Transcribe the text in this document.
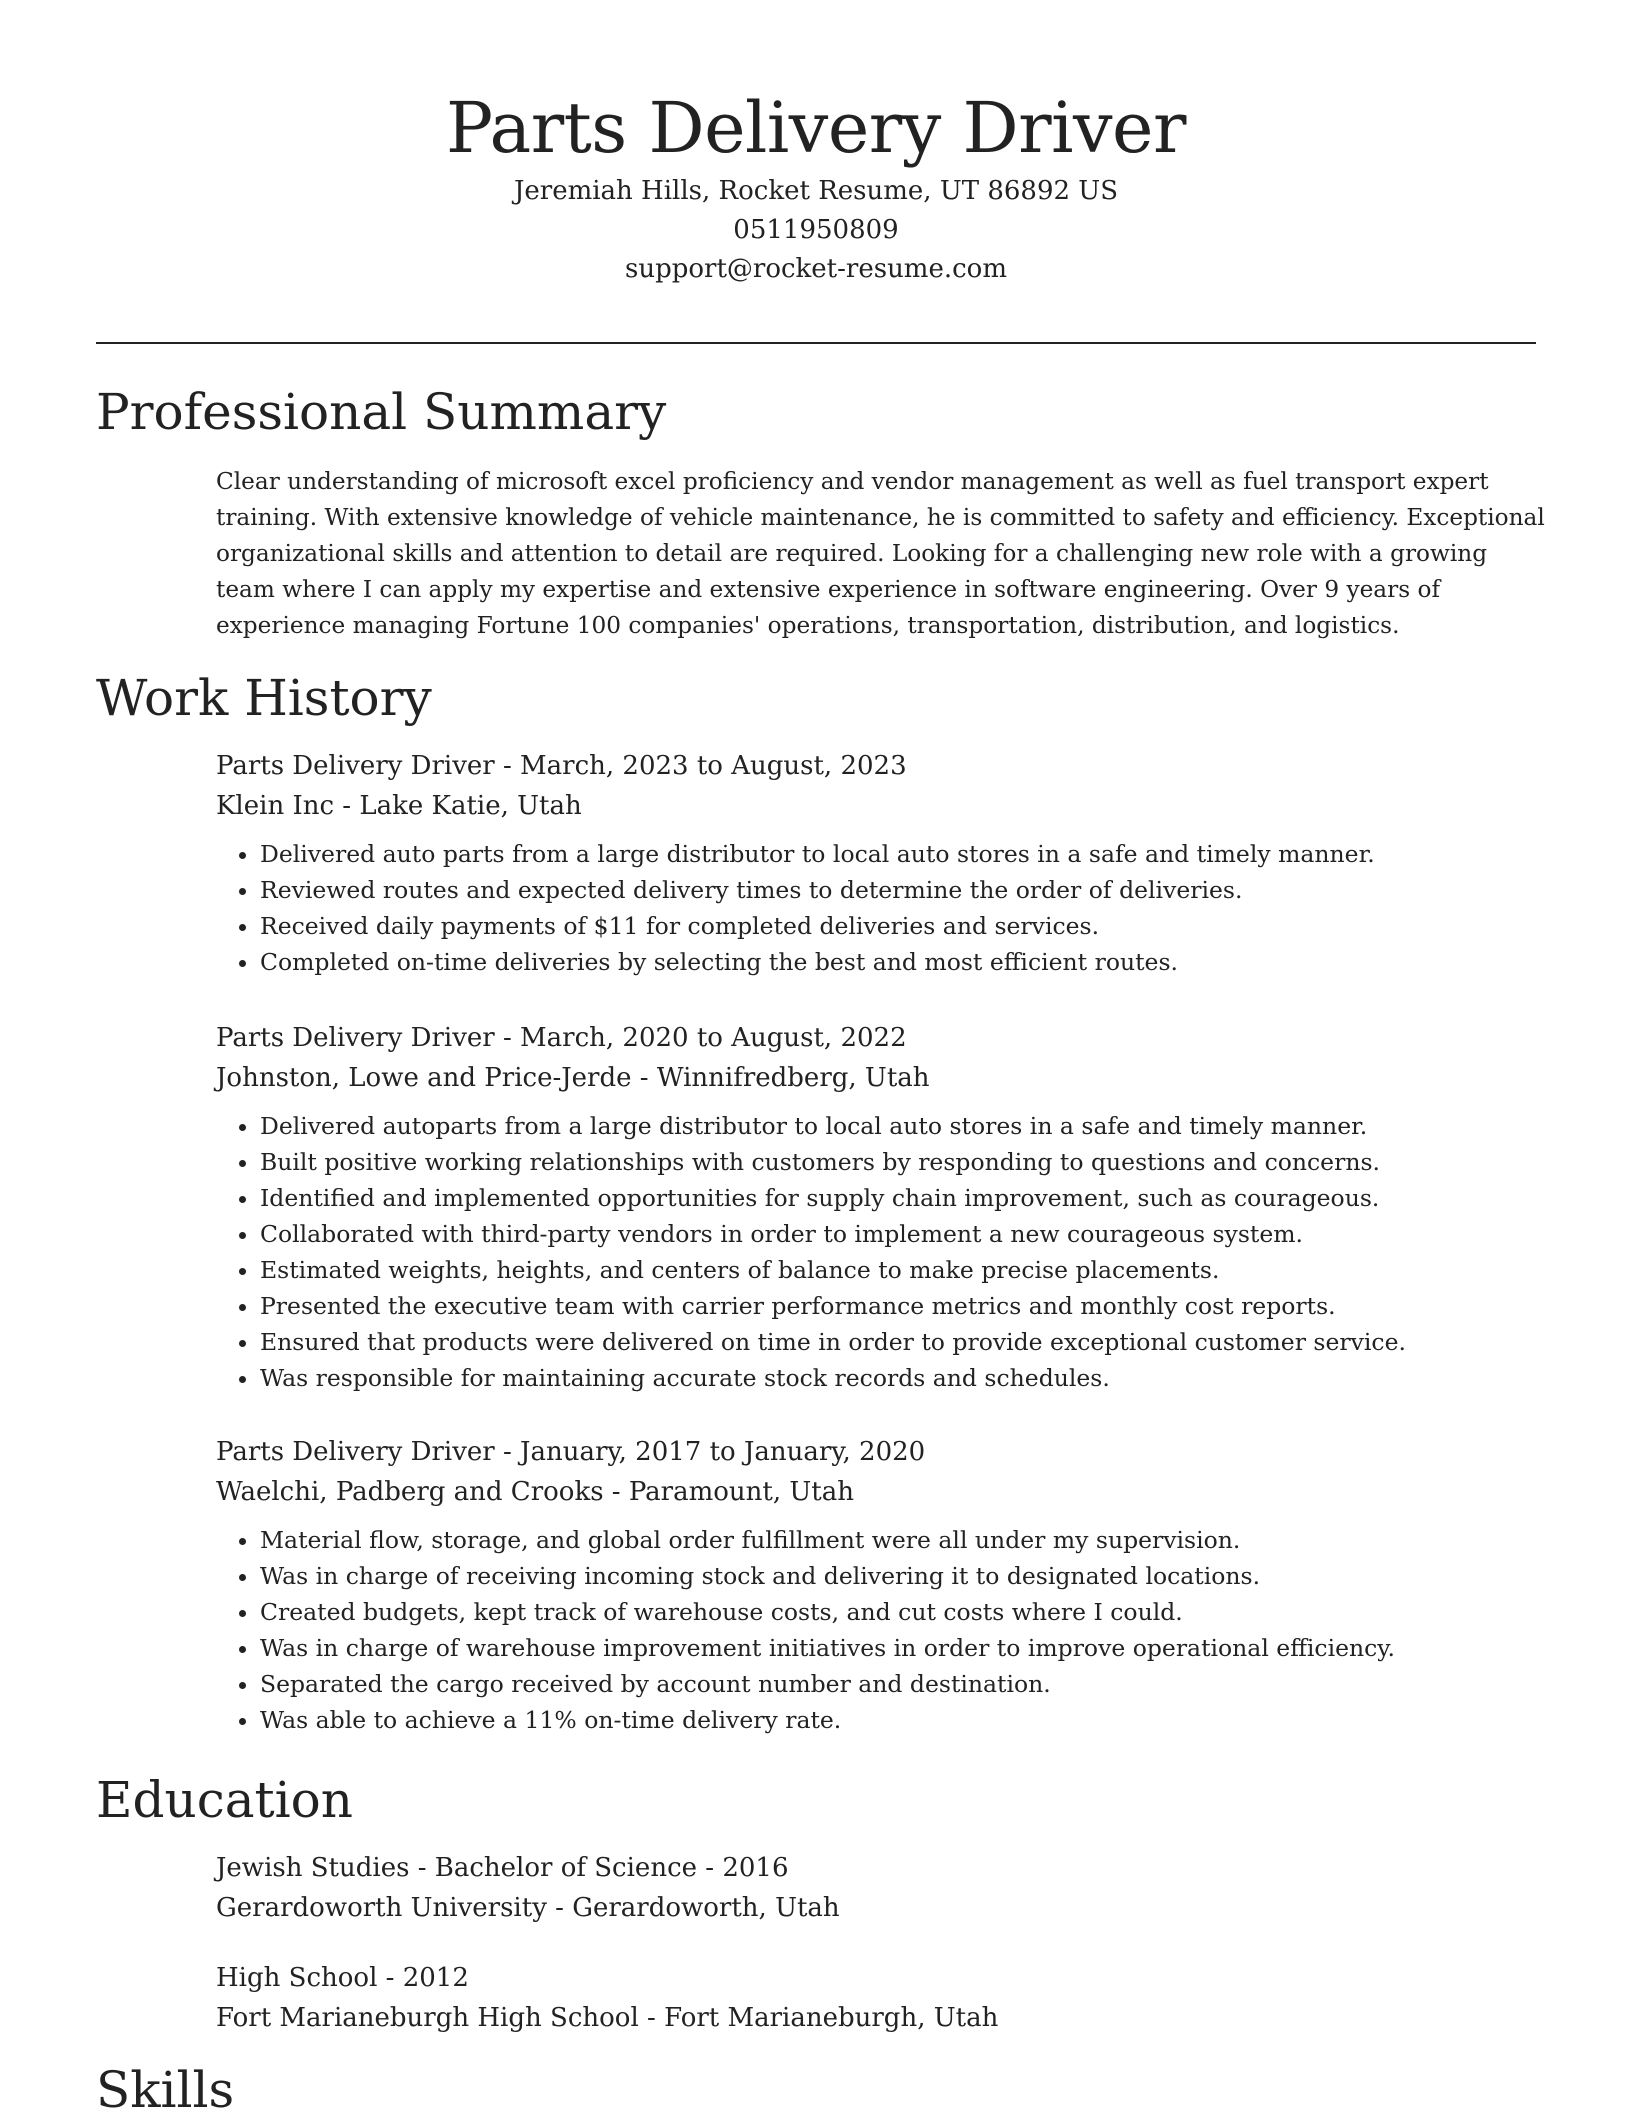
Parts Delivery Driver
Jeremiah Hills, Rocket Resume, UT 86892 US
0511950809
support@rocket-resume.com
Professional Summary
Clear understanding of microsoft excel proficiency and vendor management as well as fuel transport expert training. With extensive knowledge of vehicle maintenance, he is committed to safety and efficiency. Exceptional organizational skills and attention to detail are required. Looking for a challenging new role with a growing team where I can apply my expertise and extensive experience in software engineering. Over 9 years of experience managing Fortune 100 companies' operations, transportation, distribution, and logistics.
Work History
Parts Delivery Driver - March, 2023 to August, 2023
Klein Inc - Lake Katie, Utah
• Delivered auto parts from a large distributor to local auto stores in a safe and timely manner.
• Reviewed routes and expected delivery times to determine the order of deliveries.
• Received daily payments of $11 for completed deliveries and services.
• Completed on-time deliveries by selecting the best and most efficient routes.
Parts Delivery Driver - March, 2020 to August, 2022
Johnston, Lowe and Price-Jerde - Winnifredberg, Utah
• Delivered autoparts from a large distributor to local auto stores in a safe and timely manner.
• Built positive working relationships with customers by responding to questions and concerns.
• Identified and implemented opportunities for supply chain improvement, such as courageous.
• Collaborated with third-party vendors in order to implement a new courageous system.
• Estimated weights, heights, and centers of balance to make precise placements.
• Presented the executive team with carrier performance metrics and monthly cost reports.
• Ensured that products were delivered on time in order to provide exceptional customer service.
• Was responsible for maintaining accurate stock records and schedules.
Parts Delivery Driver - January, 2017 to January, 2020
Waelchi, Padberg and Crooks - Paramount, Utah
• Material flow, storage, and global order fulfillment were all under my supervision.
• Was in charge of receiving incoming stock and delivering it to designated locations.
• Created budgets, kept track of warehouse costs, and cut costs where I could.
• Was in charge of warehouse improvement initiatives in order to improve operational efficiency.
• Separated the cargo received by account number and destination.
• Was able to achieve a 11% on-time delivery rate.
Education
Jewish Studies - Bachelor of Science - 2016
Gerardoworth University - Gerardoworth, Utah
High School - 2012
Fort Marianeburgh High School - Fort Marianeburgh, Utah
Skills
